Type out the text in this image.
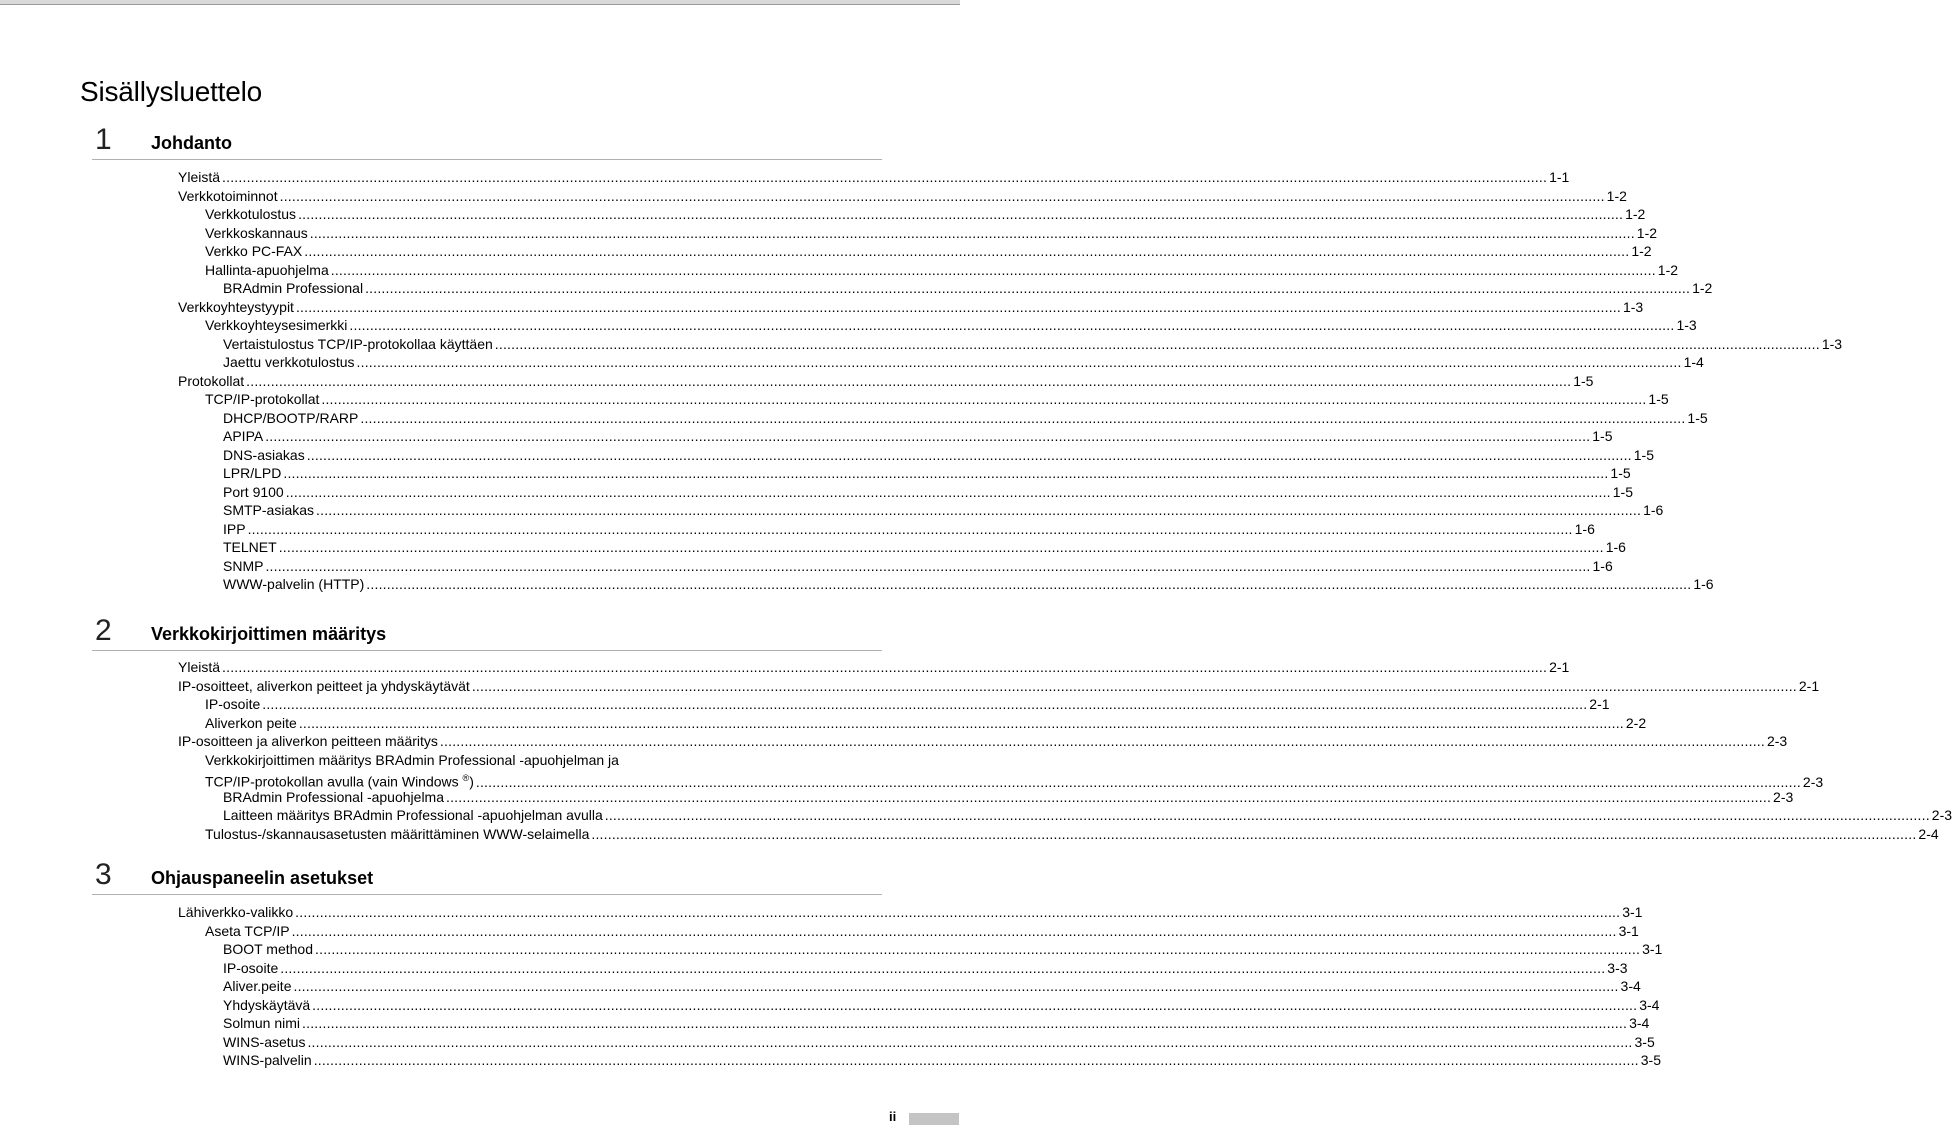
Sisällysluettelo
1 Johdanto
Yleistä .....	1-1
Verkkotoiminnot .....	1-2
Verkkotulostus .....	1-2
Verkkoskannaus .....	1-2
Verkko PC-FAX .....	1-2
Hallinta-apuohjelma .....	1-2
BRAdmin Professional .....	1-2
Verkkoyhteystyypit .....	1-3
Verkkoyhteysesimerkki .....	1-3
Vertaistulostus TCP/IP-protokollaa käyttäen .....	1-3
Jaettu verkkotulostus .....	1-4
Protokollat .....	1-5
TCP/IP-protokollat .....	1-5
DHCP/BOOTP/RARP .....	1-5
APIPA .....	1-5
DNS-asiakas .....	1-5
LPR/LPD .....	1-5
Port 9100 .....	1-5
SMTP-asiakas .....	1-6
IPP .....	1-6
TELNET .....	1-6
SNMP .....	1-6
WWW-palvelin (HTTP) .....	1-6
2 Verkkokirjoittimen määritys
Yleistä .....	2-1
IP-osoitteet, aliverkon peitteet ja yhdyskäytävät .....	2-1
IP-osoite .....	2-1
Aliverkon peite .....	2-2
IP-osoitteen ja aliverkon peitteen määritys .....	2-3
Verkkokirjoittimen määritys BRAdmin Professional -apuohjelman ja
TCP/IP-protokollan avulla (vain Windows ®) .....	2-3
BRAdmin Professional -apuohjelma .....	2-3
Laitteen määritys BRAdmin Professional -apuohjelman avulla .....	2-3
Tulostus-/skannausasetusten määrittäminen WWW-selaimella .....	2-4
3 Ohjauspaneelin asetukset
Lähiverkko-valikko .....	3-1
Aseta TCP/IP .....	3-1
BOOT method .....	3-1
IP-osoite .....	3-3
Aliver.peite .....	3-4
Yhdyskäytävä .....	3-4
Solmun nimi .....	3-4
WINS-asetus .....	3-5
WINS-palvelin .....	3-5
ii
